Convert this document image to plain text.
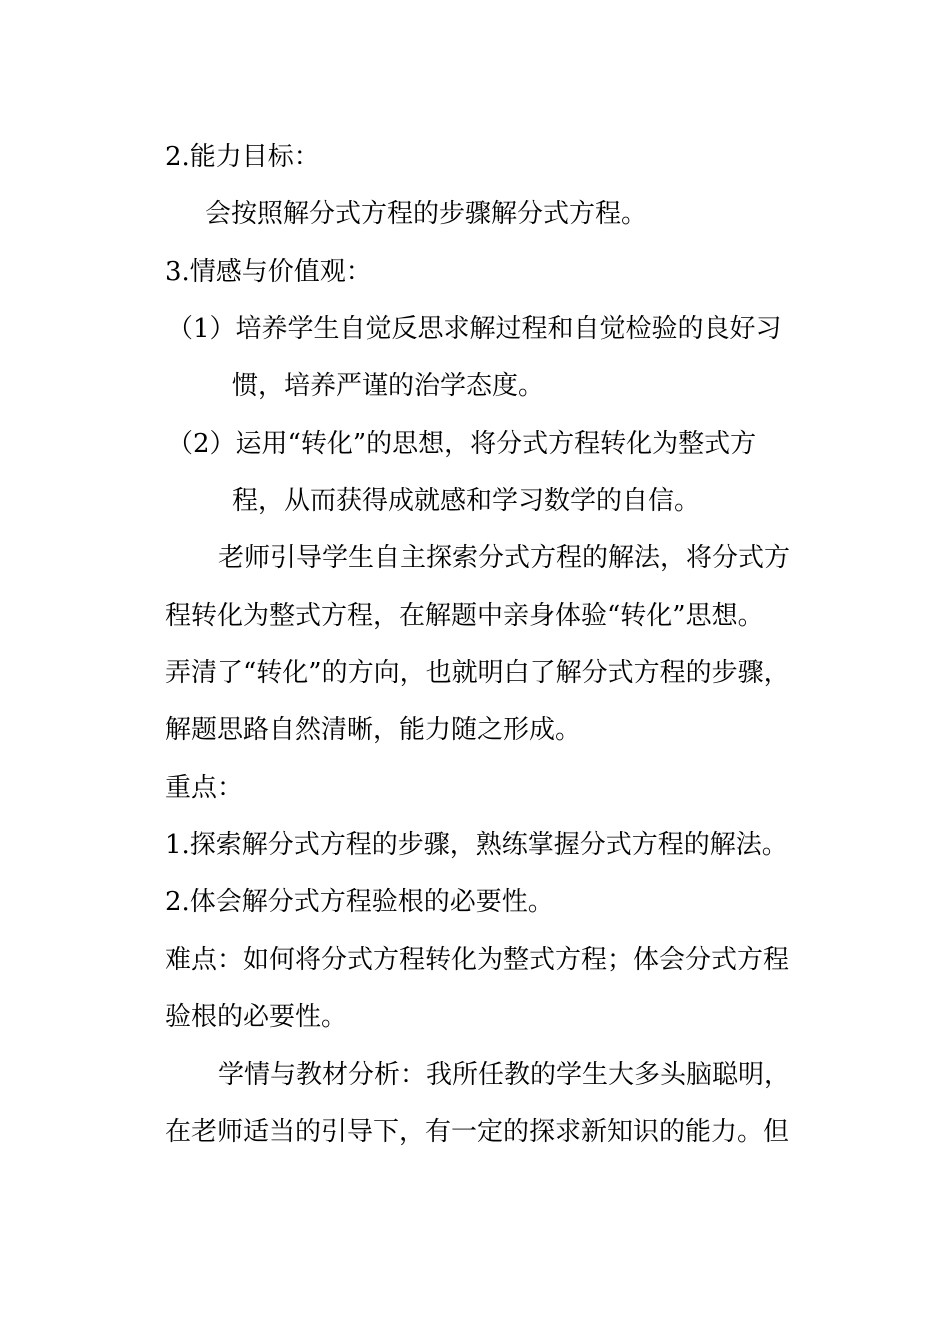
2.能力目标：
会按照解分式方程的步骤解分式方程。
3.情感与价值观：
（1）培养学生自觉反思求解过程和自觉检验的良好习
惯，培养严谨的治学态度。
（2）运用“转化”的思想，将分式方程转化为整式方
程，从而获得成就感和学习数学的自信。
老师引导学生自主探索分式方程的解法，将分式方
程转化为整式方程，在解题中亲身体验“转化”思想。
弄清了“转化”的方向，也就明白了解分式方程的步骤，
解题思路自然清晰，能力随之形成。
重点：
1.探索解分式方程的步骤，熟练掌握分式方程的解法。
2.体会解分式方程验根的必要性。
难点：如何将分式方程转化为整式方程；体会分式方程
验根的必要性。
学情与教材分析：我所任教的学生大多头脑聪明，
在老师适当的引导下，有一定的探求新知识的能力。但
